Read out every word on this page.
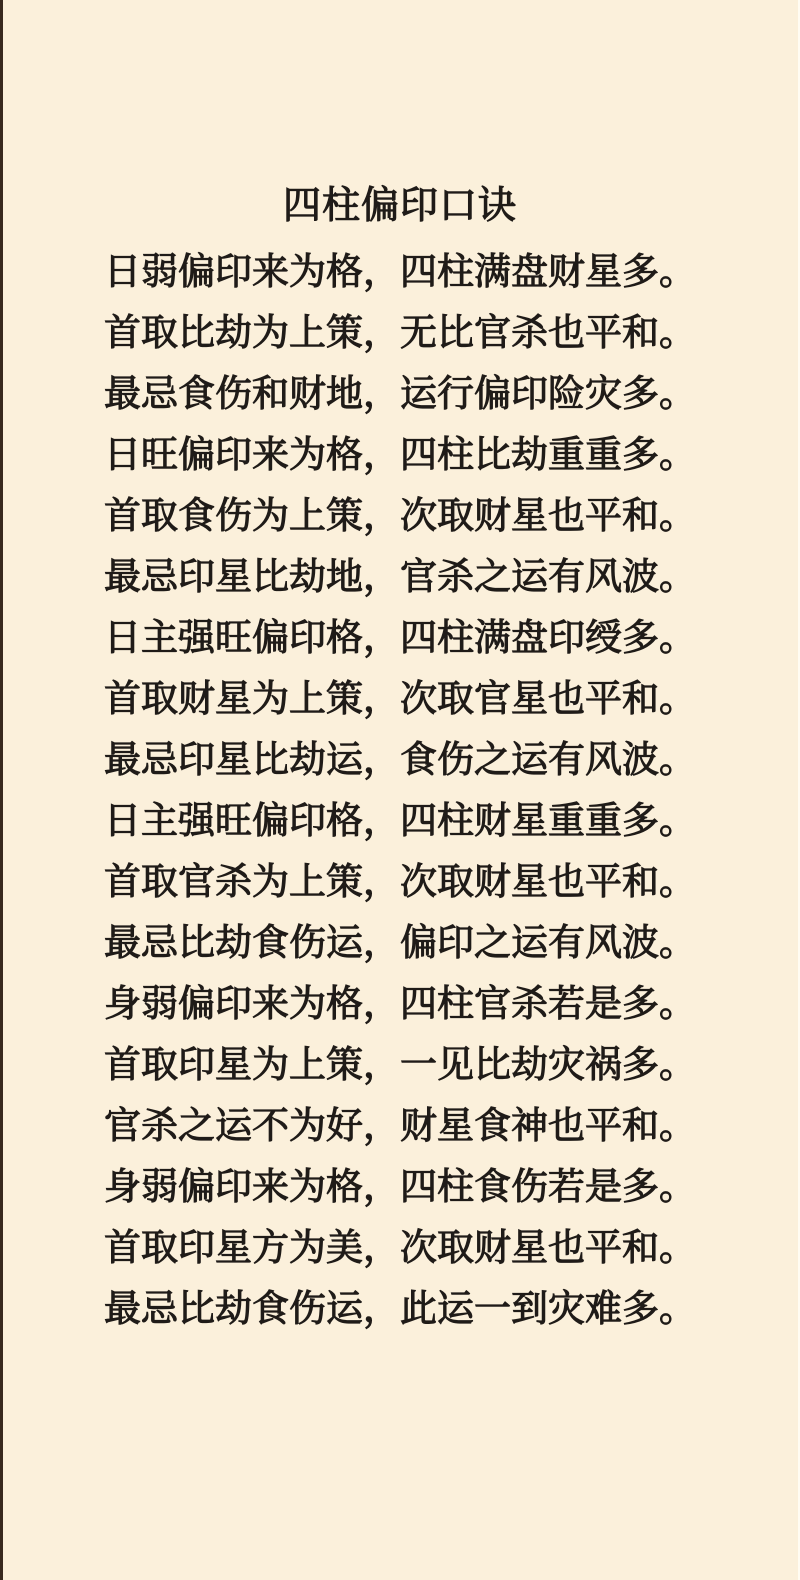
四柱偏印口诀

日弱偏印来为格，四柱满盘财星多。

首取比劫为上策，无比官杀也平和。

最忌食伤和财地，运行偏印险灾多。

日旺偏印来为格，四柱比劫重重多。

首取食伤为上策，次取财星也平和。

最忌印星比劫地，官杀之运有风波。

日主强旺偏印格，四柱满盘印绶多。

首取财星为上策，次取官星也平和。

最忌印星比劫运，食伤之运有风波。

日主强旺偏印格，四柱财星重重多。

首取官杀为上策，次取财星也平和。

最忌比劫食伤运，偏印之运有风波。

身弱偏印来为格，四柱官杀若是多。

首取印星为上策，一见比劫灾祸多。

官杀之运不为好，财星食神也平和。

身弱偏印来为格，四柱食伤若是多。

首取印星方为美，次取财星也平和。

最忌比劫食伤运，此运一到灾难多。
